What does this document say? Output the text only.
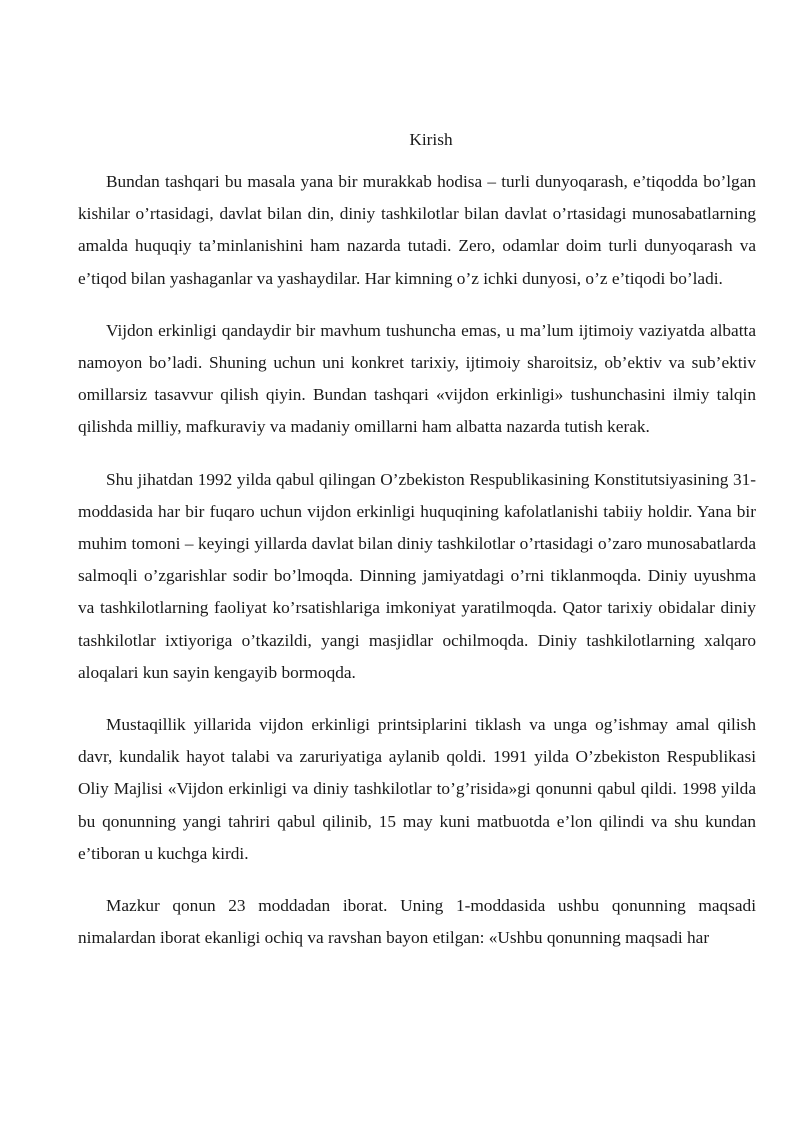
Kirish

Bundan tashqari bu masala yana bir murakkab hodisa – turli dunyoqarash, e’tiqodda bo’lgan kishilar o’rtasidagi, davlat bilan din, diniy tashkilotlar bilan davlat o’rtasidagi munosabatlarning amalda huquqiy ta’minlanishini ham nazarda tutadi. Zero, odamlar doim turli dunyoqarash va e’tiqod bilan yashaganlar va yashaydilar. Har kimning o’z ichki dunyosi, o’z e’tiqodi bo’ladi.

Vijdon erkinligi qandaydir bir mavhum tushuncha emas, u ma’lum ijtimoiy vaziyatda albatta namoyon bo’ladi. Shuning uchun uni konkret tarixiy, ijtimoiy sharoitsiz, ob’ektiv va sub’ektiv omillarsiz tasavvur qilish qiyin. Bundan tashqari «vijdon erkinligi» tushunchasini ilmiy talqin qilishda milliy, mafkuraviy va madaniy omillarni ham albatta nazarda tutish kerak.

Shu jihatdan 1992 yilda qabul qilingan O’zbekiston Respublikasining Konstitutsiyasining 31-moddasida har bir fuqaro uchun vijdon erkinligi huquqining kafolatlanishi tabiiy holdir. Yana bir muhim tomoni – keyingi yillarda davlat bilan diniy tashkilotlar o’rtasidagi o’zaro munosabatlarda salmoqli o’zgarishlar sodir bo’lmoqda. Dinning jamiyatdagi o’rni tiklanmoqda. Diniy uyushma va tashkilotlarning faoliyat ko’rsatishlariga imkoniyat yaratilmoqda. Qator tarixiy obidalar diniy tashkilotlar ixtiyoriga o’tkazildi, yangi masjidlar ochilmoqda. Diniy tashkilotlarning xalqaro aloqalari kun sayin kengayib bormoqda.

Mustaqillik yillarida vijdon erkinligi printsiplarini tiklash va unga og’ishmay amal qilish davr, kundalik hayot talabi va zaruriyatiga aylanib qoldi. 1991 yilda O’zbekiston Respublikasi Oliy Majlisi «Vijdon erkinligi va diniy tashkilotlar to’g’risida»gi qonunni qabul qildi. 1998 yilda bu qonunning yangi tahriri qabul qilinib, 15 may kuni matbuotda e’lon qilindi va shu kundan e’tiboran u kuchga kirdi.

Mazkur qonun 23 moddadan iborat. Uning 1-moddasida ushbu qonunning maqsadi nimalardan iborat ekanligi ochiq va ravshan bayon etilgan: «Ushbu qonunning maqsadi har
